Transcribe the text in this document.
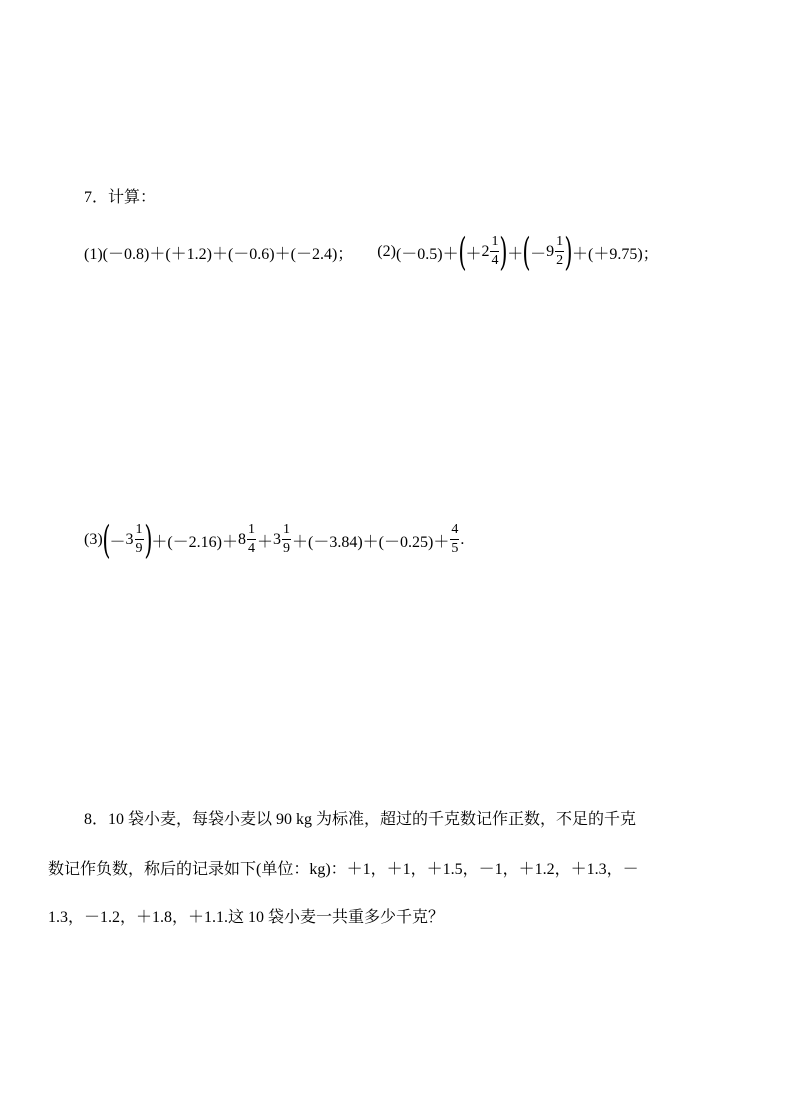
7．计算：
(1)(－0.8)＋(＋1.2)＋(－0.6)＋(－2.4)； (2) (－0.5)＋ ( ＋ $2 \frac{1}{4}$ ) ＋ ( － $9 \frac{1}{2}$ ) ＋(＋9.75)；
(3) ( － $3 \frac{1}{9}$ ) $+(-2.16)+ 8 \frac{1}{4} + 3 \frac{1}{9} +(-3.84)+(-0.25)+ \frac{4}{5}$ .
8．10 袋小麦，每袋小麦以 90 kg 为标准，超过的千克数记作正数，不足的千克
数记作负数，称后的记录如下(单位：kg)：＋1，＋1，＋1.5，－1，＋1.2，＋1.3，－
1.3，－1.2，＋1.8，＋1.1.这 10 袋小麦一共重多少千克？
